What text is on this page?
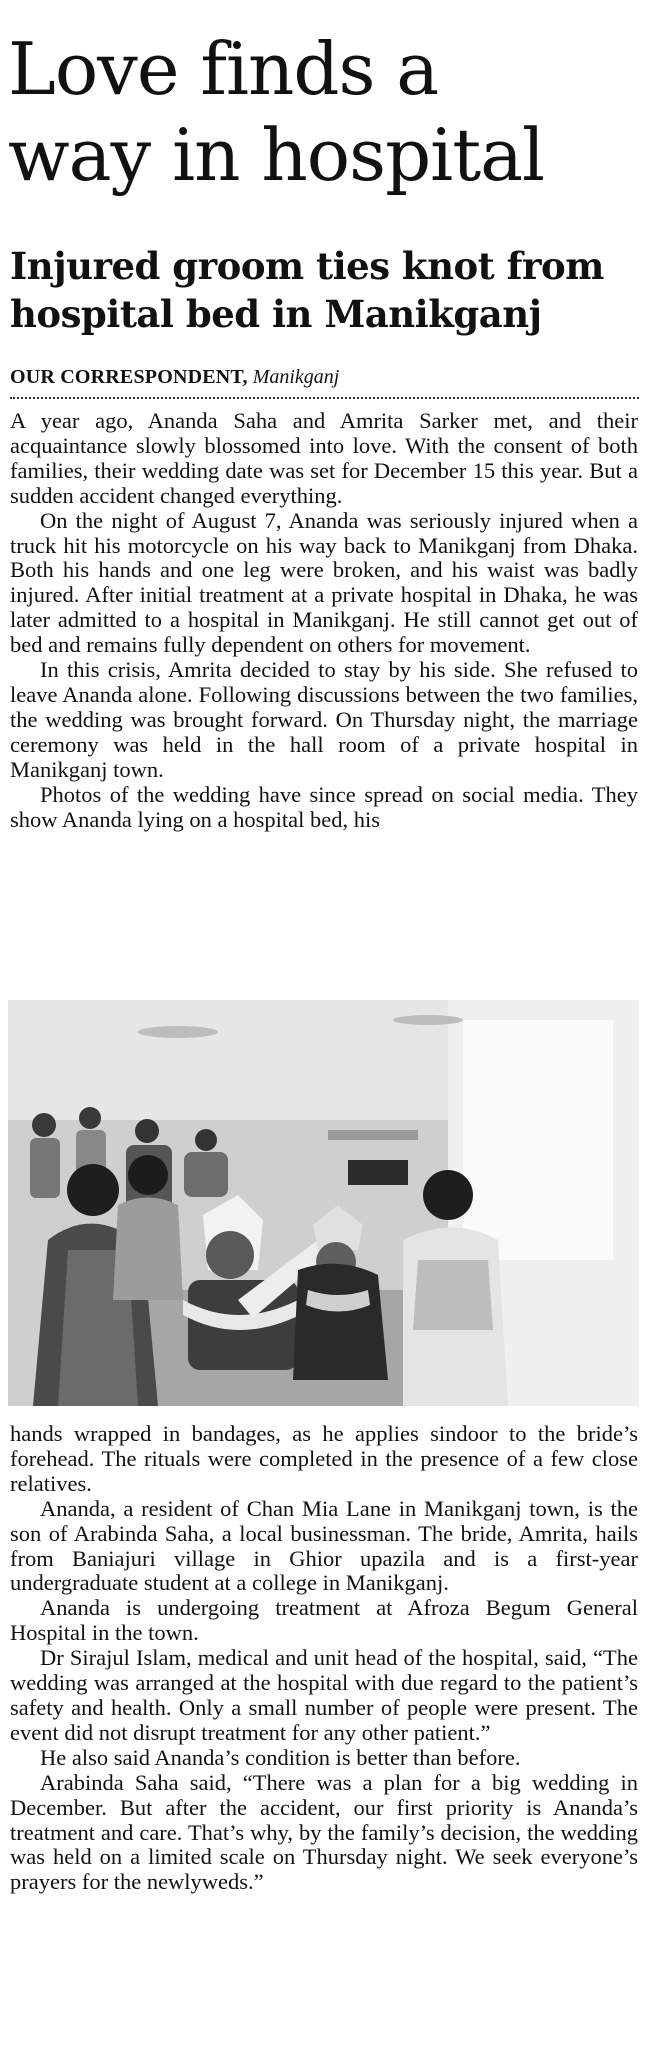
Love finds a
way in hospital
Injured groom ties knot from
hospital bed in Manikganj
OUR CORRESPONDENT, Manikganj

A year ago, Ananda Saha and Amrita Sarker met, and their acquaintance slowly blossomed into love. With the consent of both families, their wedding date was set for December 15 this year. But a sudden accident changed everything.

On the night of August 7, Ananda was seriously injured when a truck hit his motorcycle on his way back to Manikganj from Dhaka. Both his hands and one leg were broken, and his waist was badly injured. After initial treatment at a private hospital in Dhaka, he was later admitted to a hospital in Manikganj. He still cannot get out of bed and remains fully dependent on others for movement.

In this crisis, Amrita decided to stay by his side. She refused to leave Ananda alone. Following discussions between the two families, the wedding was brought forward. On Thursday night, the marriage ceremony was held in the hall room of a private hospital in Manikganj town.

Photos of the wedding have since spread on social media. They show Ananda lying on a hospital bed, his

hands wrapped in bandages, as he applies sindoor to the bride’s forehead. The rituals were completed in the presence of a few close relatives.

Ananda, a resident of Chan Mia Lane in Manikganj town, is the son of Arabinda Saha, a local businessman. The bride, Amrita, hails from Baniajuri village in Ghior upazila and is a first-year undergraduate student at a college in Manikganj.

Ananda is undergoing treatment at Afroza Begum General Hospital in the town.

Dr Sirajul Islam, medical and unit head of the hospital, said, “The wedding was arranged at the hospital with due regard to the patient’s safety and health. Only a small number of people were present. The event did not disrupt treatment for any other patient.”

He also said Ananda’s condition is better than before.

Arabinda Saha said, “There was a plan for a big wedding in December. But after the accident, our first priority is Ananda’s treatment and care. That’s why, by the family’s decision, the wedding was held on a limited scale on Thursday night. We seek everyone’s prayers for the newlyweds.”
